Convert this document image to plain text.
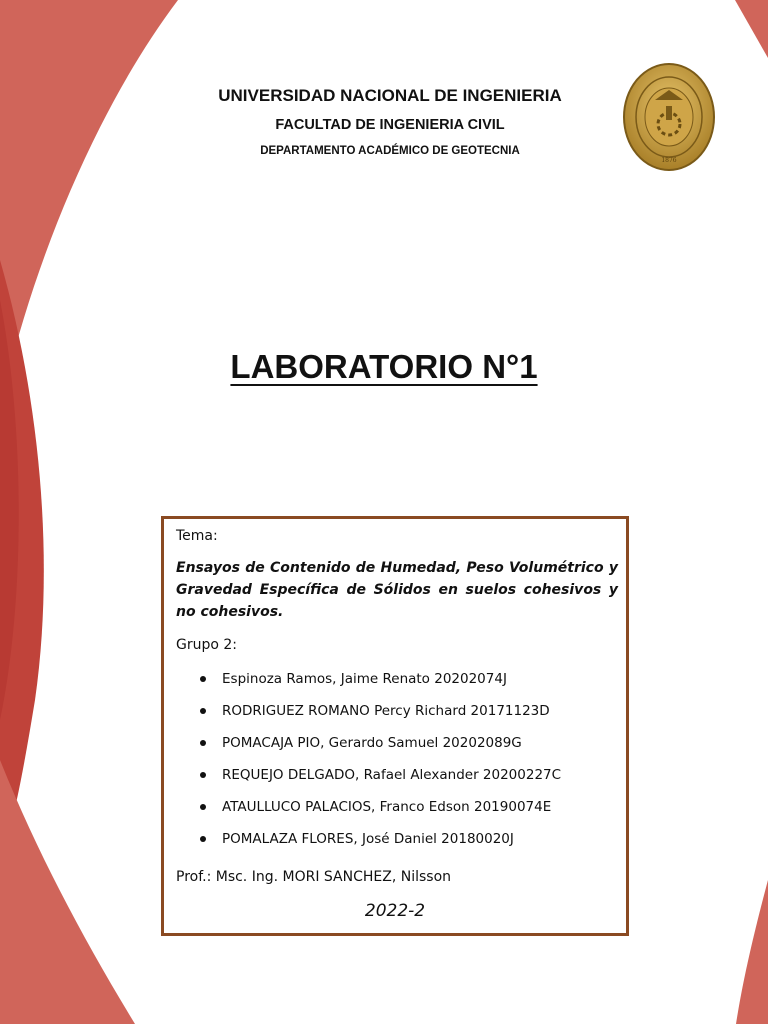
UNIVERSIDAD NACIONAL DE INGENIERIA
FACULTAD DE INGENIERIA CIVIL
DEPARTAMENTO ACADÉMICO DE GEOTECNIA
1876
LABORATORIO N°1
Tema:
Ensayos de Contenido de Humedad, Peso Volumétrico y Gravedad Específica de Sólidos en suelos cohesivos y no cohesivos.
Grupo 2:
Espinoza Ramos, Jaime Renato 20202074J
RODRIGUEZ ROMANO Percy Richard 20171123D
POMACAJA PIO, Gerardo Samuel 20202089G
REQUEJO DELGADO, Rafael Alexander 20200227C
ATAULLUCO PALACIOS, Franco Edson 20190074E
POMALAZA FLORES, José Daniel 20180020J
Prof.: Msc. Ing. MORI SANCHEZ, Nilsson
2022-2
